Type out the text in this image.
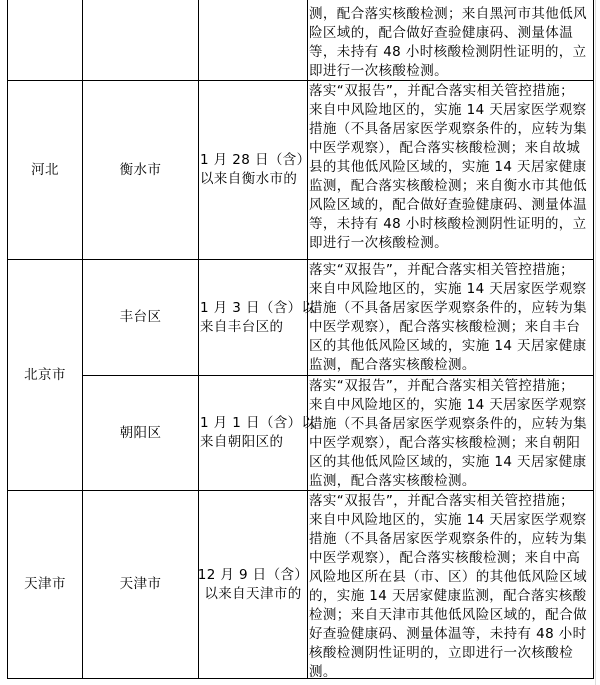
测，配合落实核酸检测；来自黑河市其他低风
险区域的，配合做好查验健康码、测量体温
等，未持有 48 小时核酸检测阴性证明的，立
即进行一次核酸检测。
河北	衡水市
1 月 28 日（含）
以来自衡水市的
落实“双报告”，并配合落实相关管控措施；
来自中风险地区的，实施 14 天居家医学观察
措施（不具备居家医学观察条件的，应转为集
中医学观察），配合落实核酸检测；来自故城
县的其他低风险区域的，实施 14 天居家健康
监测，配合落实核酸检测；来自衡水市其他低
风险区域的，配合做好查验健康码、测量体温
等，未持有 48 小时核酸检测阴性证明的，立
即进行一次核酸检测。
北京市
丰台区
1 月 3 日（含）以
来自丰台区的
落实“双报告”，并配合落实相关管控措施；
来自中风险地区的，实施 14 天居家医学观察
措施（不具备居家医学观察条件的，应转为集
中医学观察），配合落实核酸检测；来自丰台
区的其他低风险区域的，实施 14 天居家健康
监测，配合落实核酸检测。
朝阳区
1 月 1 日（含）以
来自朝阳区的
落实“双报告”，并配合落实相关管控措施；
来自中风险地区的，实施 14 天居家医学观察
措施（不具备居家医学观察条件的，应转为集
中医学观察），配合落实核酸检测；来自朝阳
区的其他低风险区域的，实施 14 天居家健康
监测，配合落实核酸检测。
天津市	天津市
12 月 9 日（含）
以来自天津市的
落实“双报告”，并配合落实相关管控措施；
来自中风险地区的，实施 14 天居家医学观察
措施（不具备居家医学观察条件的，应转为集
中医学观察），配合落实核酸检测；来自中高
风险地区所在县（市、区）的其他低风险区域
的，实施 14 天居家健康监测，配合落实核酸
检测；来自天津市其他低风险区域的，配合做
好查验健康码、测量体温等，未持有 48 小时
核酸检测阴性证明的，立即进行一次核酸检
测。
